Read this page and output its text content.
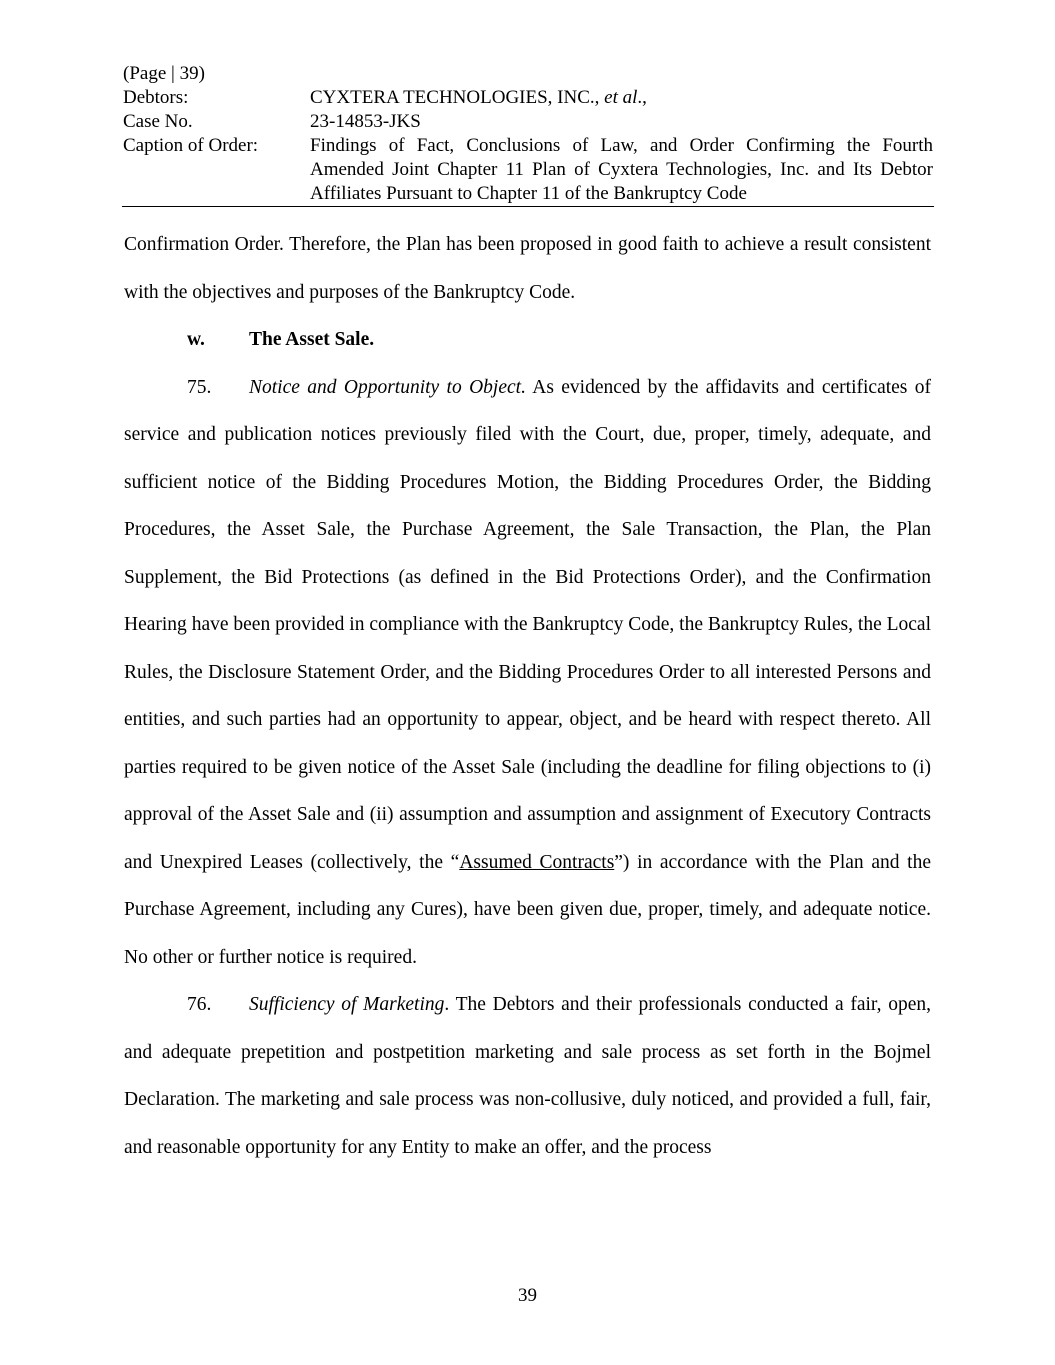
(Page | 39)
Debtors:	CYXTERA TECHNOLOGIES, INC., et al.,
Case No.	23-14853-JKS
Caption of Order:	Findings of Fact, Conclusions of Law, and Order Confirming the Fourth Amended Joint Chapter 11 Plan of Cyxtera Technologies, Inc. and Its Debtor Affiliates Pursuant to Chapter 11 of the Bankruptcy Code

Confirmation Order. Therefore, the Plan has been proposed in good faith to achieve a result consistent with the objectives and purposes of the Bankruptcy Code.

w. The Asset Sale.

75. Notice and Opportunity to Object. As evidenced by the affidavits and certificates of service and publication notices previously filed with the Court, due, proper, timely, adequate, and sufficient notice of the Bidding Procedures Motion, the Bidding Procedures Order, the Bidding Procedures, the Asset Sale, the Purchase Agreement, the Sale Transaction, the Plan, the Plan Supplement, the Bid Protections (as defined in the Bid Protections Order), and the Confirmation Hearing have been provided in compliance with the Bankruptcy Code, the Bankruptcy Rules, the Local Rules, the Disclosure Statement Order, and the Bidding Procedures Order to all interested Persons and entities, and such parties had an opportunity to appear, object, and be heard with respect thereto. All parties required to be given notice of the Asset Sale (including the deadline for filing objections to (i) approval of the Asset Sale and (ii) assumption and assumption and assignment of Executory Contracts and Unexpired Leases (collectively, the “Assumed Contracts”) in accordance with the Plan and the Purchase Agreement, including any Cures), have been given due, proper, timely, and adequate notice. No other or further notice is required.

76. Sufficiency of Marketing. The Debtors and their professionals conducted a fair, open, and adequate prepetition and postpetition marketing and sale process as set forth in the Bojmel Declaration. The marketing and sale process was non-collusive, duly noticed, and provided a full, fair, and reasonable opportunity for any Entity to make an offer, and the process

39
